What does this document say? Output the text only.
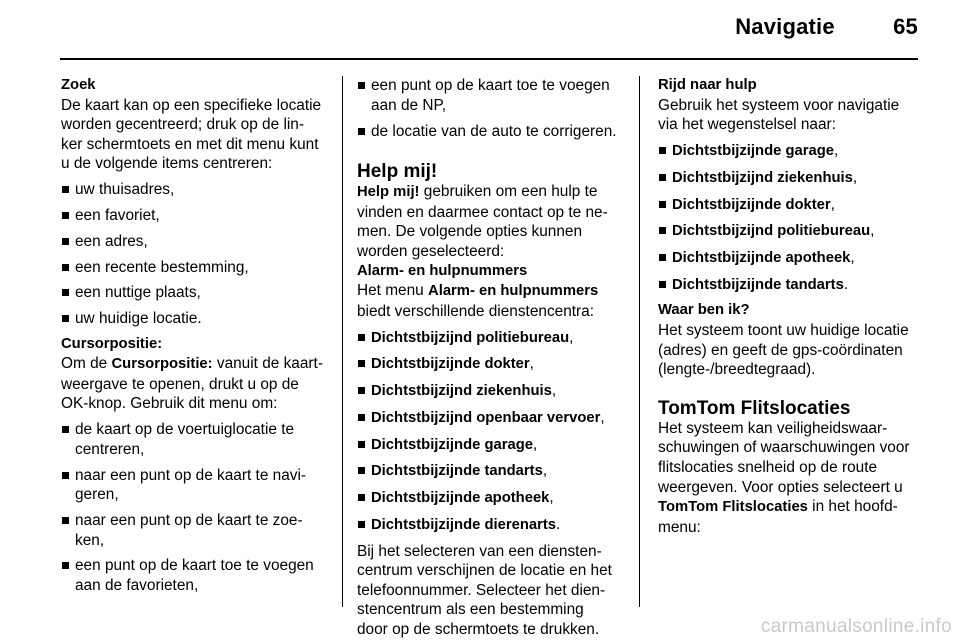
Navigatie	65
Zoek
De kaart kan op een specifieke locatie
worden gecentreerd; druk op de lin-
ker schermtoets en met dit menu kunt
u de volgende items centreren:
uw thuisadres,
een favoriet,
een adres,
een recente bestemming,
een nuttige plaats,
uw huidige locatie.
Cursorpositie:
Om de Cursorpositie: vanuit de kaart-
weergave te openen, drukt u op de
OK-knop. Gebruik dit menu om:
de kaart op de voertuiglocatie te
centreren,
naar een punt op de kaart te navi-
geren,
naar een punt op de kaart te zoe-
ken,
een punt op de kaart toe te voegen
aan de favorieten,
een punt op de kaart toe te voegen
aan de NP,
de locatie van de auto te corrigeren.
Help mij!
Help mij! gebruiken om een hulp te
vinden en daarmee contact op te ne-
men. De volgende opties kunnen
worden geselecteerd:
Alarm- en hulpnummers
Het menu Alarm- en hulpnummers
biedt verschillende dienstencentra:
Dichtstbijzijnd politiebureau,
Dichtstbijzijnde dokter,
Dichtstbijzijnd ziekenhuis,
Dichtstbijzijnd openbaar vervoer,
Dichtstbijzijnde garage,
Dichtstbijzijnde tandarts,
Dichtstbijzijnde apotheek,
Dichtstbijzijnde dierenarts.
Bij het selecteren van een diensten-
centrum verschijnen de locatie en het
telefoonnummer. Selecteer het dien-
stencentrum als een bestemming
door op de schermtoets te drukken.
Rijd naar hulp
Gebruik het systeem voor navigatie
via het wegenstelsel naar:
Dichtstbijzijnde garage,
Dichtstbijzijnd ziekenhuis,
Dichtstbijzijnde dokter,
Dichtstbijzijnd politiebureau,
Dichtstbijzijnde apotheek,
Dichtstbijzijnde tandarts.
Waar ben ik?
Het systeem toont uw huidige locatie
(adres) en geeft de gps-coördinaten
(lengte-/breedtegraad).
TomTom Flitslocaties
Het systeem kan veiligheidswaar-
schuwingen of waarschuwingen voor
flitslocaties snelheid op de route
weergeven. Voor opties selecteert u
TomTom Flitslocaties in het hoofd-
menu:
carmanualsonline.info
